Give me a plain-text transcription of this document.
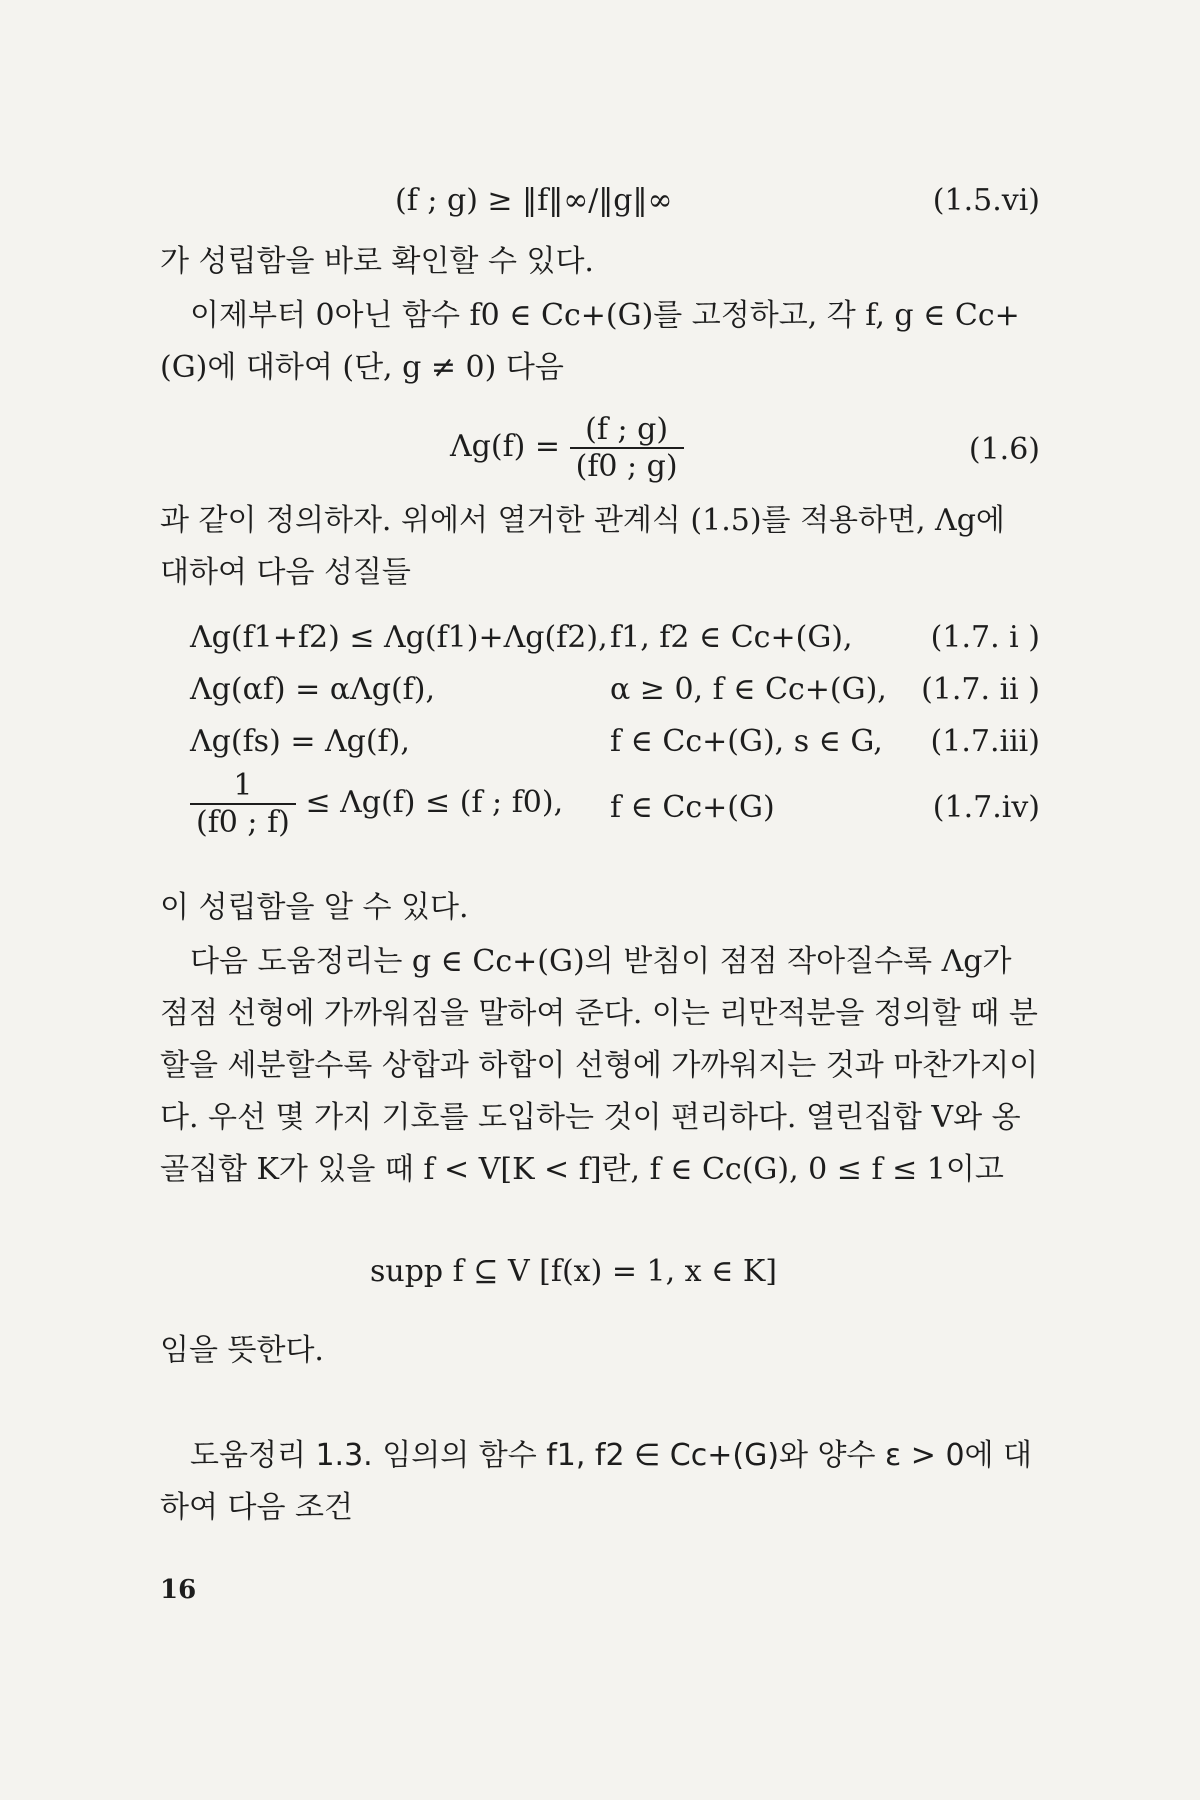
(f ; g) ≥ ‖f‖∞/‖g‖∞	(1.5.vi)

가 성립함을 바로 확인할 수 있다.

이제부터 0아닌 함수 f0 ∈ Cc+(G)를 고정하고, 각 f, g ∈ Cc+(G)에 대하여 (단, g ≠ 0) 다음

$\Lambda g(f) = \frac{(f ; g)}{(f0 ; g)}$	(1.6)

과 같이 정의하자. 위에서 열거한 관계식 (1.5)를 적용하면, Λg에 대하여 다음 성질들

Λg(f1+f2) ≤ Λg(f1)+Λg(f2), f1, f2 ∈ Cc+(G),	(1.7. i )
Λg(αf) = αΛg(f),	α ≥ 0, f ∈ Cc+(G), (1.7. ii )
Λg(fs) = Λg(f),	f ∈ Cc+(G), s ∈ G, (1.7.iii)
$\frac{1}{(f0 ; f)} \le \Lambda g(f) \le (f$ ; f0), f ∈ Cc+(G)	(1.7.iv)

이 성립함을 알 수 있다.

다음 도움정리는 g ∈ Cc+(G)의 받침이 점점 작아질수록 Λg가 점점 선형에 가까워짐을 말하여 준다. 이는 리만적분을 정의할 때 분할을 세분할수록 상합과 하합이 선형에 가까워지는 것과 마찬가지이다. 우선 몇 가지 기호를 도입하는 것이 편리하다. 열린집합 V와 옹골집합 K가 있을 때 f < V[K < f]란, f ∈ Cc(G), 0 ≤ f ≤ 1이고

supp f ⊆ V [f(x) = 1, x ∈ K]

임을 뜻한다.

도움정리 1.3. 임의의 함수 f1, f2 ∈ Cc+(G)와 양수 ε > 0에 대하여 다음 조건

16
